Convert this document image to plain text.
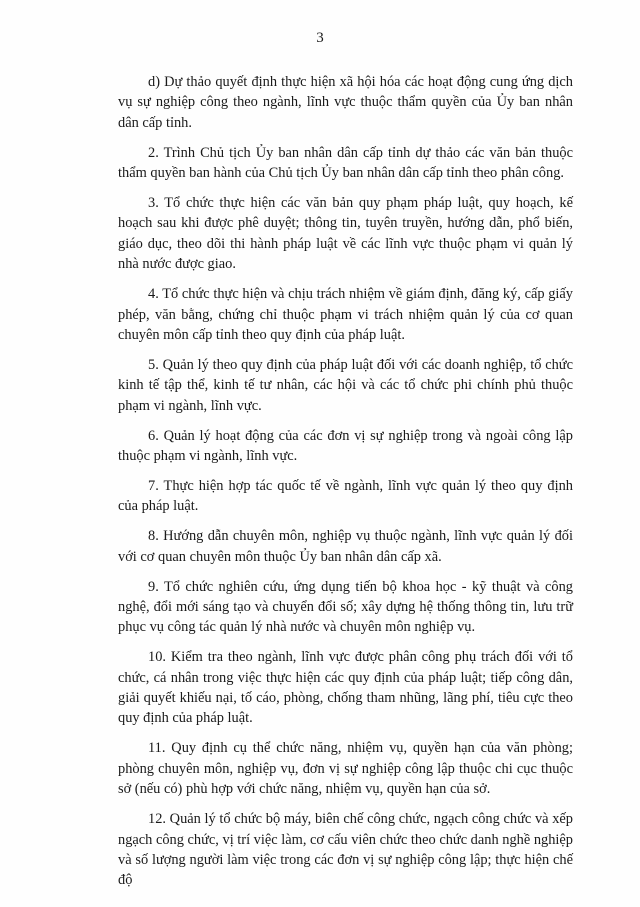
3

d) Dự thảo quyết định thực hiện xã hội hóa các hoạt động cung ứng dịch vụ sự nghiệp công theo ngành, lĩnh vực thuộc thẩm quyền của Ủy ban nhân dân cấp tỉnh.

2. Trình Chủ tịch Ủy ban nhân dân cấp tỉnh dự thảo các văn bản thuộc thẩm quyền ban hành của Chủ tịch Ủy ban nhân dân cấp tỉnh theo phân công.

3. Tổ chức thực hiện các văn bản quy phạm pháp luật, quy hoạch, kế hoạch sau khi được phê duyệt; thông tin, tuyên truyền, hướng dẫn, phổ biến, giáo dục, theo dõi thi hành pháp luật về các lĩnh vực thuộc phạm vi quản lý nhà nước được giao.

4. Tổ chức thực hiện và chịu trách nhiệm về giám định, đăng ký, cấp giấy phép, văn bằng, chứng chỉ thuộc phạm vi trách nhiệm quản lý của cơ quan chuyên môn cấp tỉnh theo quy định của pháp luật.

5. Quản lý theo quy định của pháp luật đối với các doanh nghiệp, tổ chức kinh tế tập thể, kinh tế tư nhân, các hội và các tổ chức phi chính phủ thuộc phạm vi ngành, lĩnh vực.

6. Quản lý hoạt động của các đơn vị sự nghiệp trong và ngoài công lập thuộc phạm vi ngành, lĩnh vực.

7. Thực hiện hợp tác quốc tế về ngành, lĩnh vực quản lý theo quy định của pháp luật.

8. Hướng dẫn chuyên môn, nghiệp vụ thuộc ngành, lĩnh vực quản lý đối với cơ quan chuyên môn thuộc Ủy ban nhân dân cấp xã.

9. Tổ chức nghiên cứu, ứng dụng tiến bộ khoa học - kỹ thuật và công nghệ, đổi mới sáng tạo và chuyển đổi số; xây dựng hệ thống thông tin, lưu trữ phục vụ công tác quản lý nhà nước và chuyên môn nghiệp vụ.

10. Kiểm tra theo ngành, lĩnh vực được phân công phụ trách đối với tổ chức, cá nhân trong việc thực hiện các quy định của pháp luật; tiếp công dân, giải quyết khiếu nại, tố cáo, phòng, chống tham nhũng, lãng phí, tiêu cực theo quy định của pháp luật.

11. Quy định cụ thể chức năng, nhiệm vụ, quyền hạn của văn phòng; phòng chuyên môn, nghiệp vụ, đơn vị sự nghiệp công lập thuộc chi cục thuộc sở (nếu có) phù hợp với chức năng, nhiệm vụ, quyền hạn của sở.

12. Quản lý tổ chức bộ máy, biên chế công chức, ngạch công chức và xếp ngạch công chức, vị trí việc làm, cơ cấu viên chức theo chức danh nghề nghiệp và số lượng người làm việc trong các đơn vị sự nghiệp công lập; thực hiện chế độ
